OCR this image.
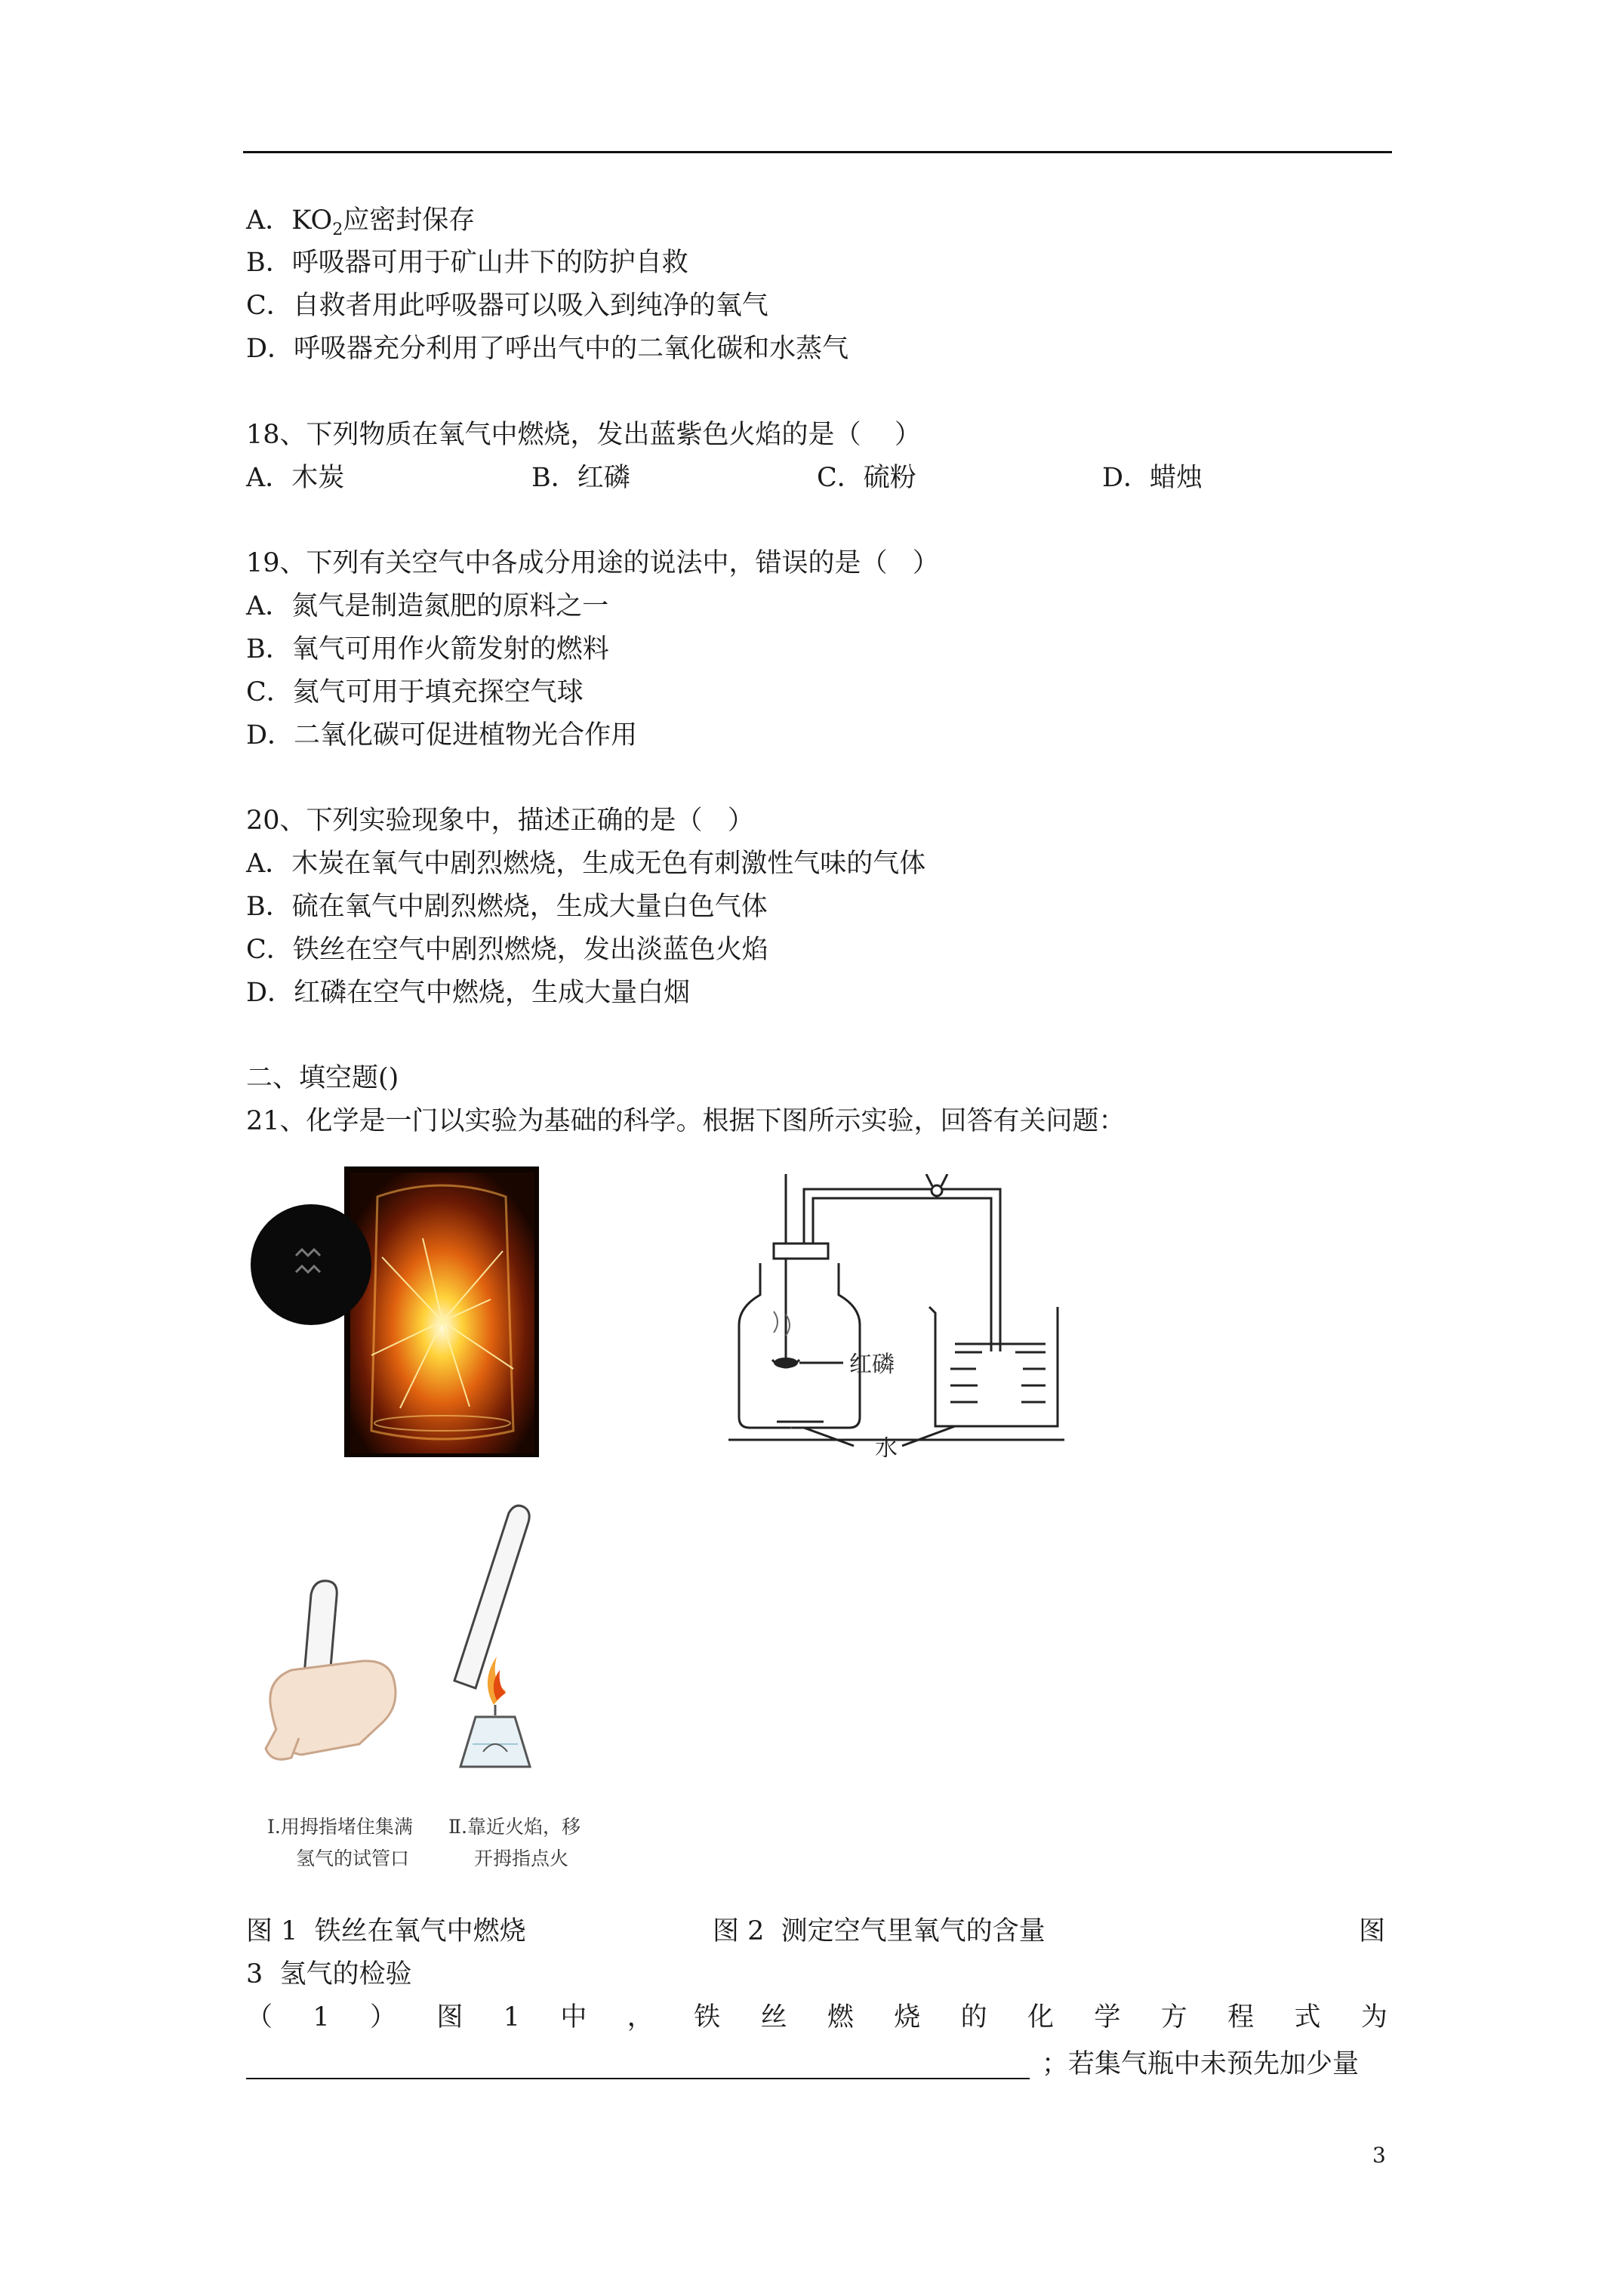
A．$KO_2$应密封保存
B．呼吸器可用于矿山井下的防护自救
C．自救者用此呼吸器可以吸入到纯净的氧气
D．呼吸器充分利用了呼出气中的二氧化碳和水蒸气
18、下列物质在氧气中燃烧，发出蓝紫色火焰的是（    ）
A．木炭	B．红磷	C．硫粉	D．蜡烛
19、下列有关空气中各成分用途的说法中，错误的是（   ）
A．氮气是制造氮肥的原料之一
B．氧气可用作火箭发射的燃料
C．氦气可用于填充探空气球
D．二氧化碳可促进植物光合作用
20、下列实验现象中，描述正确的是（   ）
A．木炭在氧气中剧烈燃烧，生成无色有刺激性气味的气体
B．硫在氧气中剧烈燃烧，生成大量白色气体
C．铁丝在空气中剧烈燃烧，发出淡蓝色火焰
D．红磷在空气中燃烧，生成大量白烟
二、填空题()
21、化学是一门以实验为基础的科学。根据下图所示实验，回答有关问题：
红磷
水
Ⅰ.用拇指堵住集满
氢气的试管口
Ⅱ.靠近火焰，移
开拇指点火
图 1  铁丝在氧气中燃烧	图 2  测定空气里氧气的含量	图
3  氢气的检验
（ 1 ） 图 1 中 ， 铁 丝 燃 烧 的 化 学 方 程 式 为
；若集气瓶中未预先加少量
3
